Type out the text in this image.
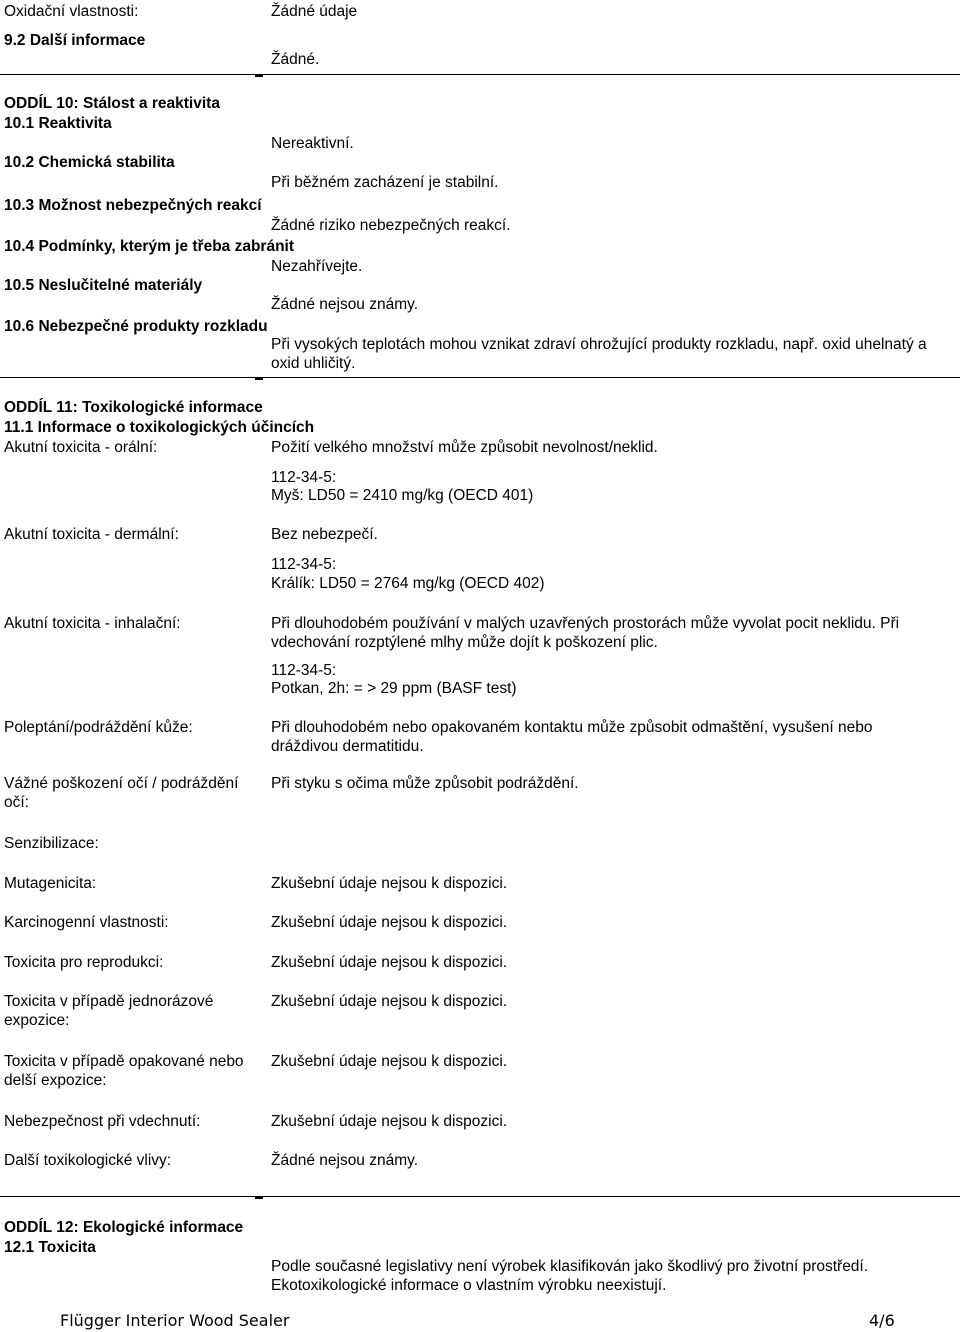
Oxidační vlastnosti:	Žádné údaje
9.2 Další informace
Žádné.
ODDÍL 10: Stálost a reaktivita
10.1 Reaktivita
Nereaktivní.
10.2 Chemická stabilita
Při běžném zacházení je stabilní.
10.3 Možnost nebezpečných reakcí
Žádné riziko nebezpečných reakcí.
10.4 Podmínky, kterým je třeba zabránit
Nezahřívejte.
10.5 Neslučitelné materiály
Žádné nejsou známy.
10.6 Nebezpečné produkty rozkladu
Při vysokých teplotách mohou vznikat zdraví ohrožující produkty rozkladu, např. oxid uhelnatý a oxid uhličitý.
ODDÍL 11: Toxikologické informace
11.1 Informace o toxikologických účincích
Akutní toxicita - orální:	Požití velkého množství může způsobit nevolnost/neklid.
112-34-5:
Myš: LD50 = 2410 mg/kg (OECD 401)
Akutní toxicita - dermální:	Bez nebezpečí.
112-34-5:
Králík: LD50 = 2764 mg/kg (OECD 402)
Akutní toxicita - inhalační:	Při dlouhodobém používání v malých uzavřených prostorách může vyvolat pocit neklidu. Při vdechování rozptýlené mlhy může dojít k poškození plic.
112-34-5:
Potkan, 2h: = > 29 ppm (BASF test)
Poleptání/podráždění kůže:	Při dlouhodobém nebo opakovaném kontaktu může způsobit odmaštění, vysušení nebo dráždivou dermatitidu.
Vážné poškození očí / podráždění očí:
Při styku s očima může způsobit podráždění.
Senzibilizace:
Mutagenicita:	Zkušební údaje nejsou k dispozici.
Karcinogenní vlastnosti:	Zkušební údaje nejsou k dispozici.
Toxicita pro reprodukci:	Zkušební údaje nejsou k dispozici.
Toxicita v případě jednorázové expozice:
Zkušební údaje nejsou k dispozici.
Toxicita v případě opakované nebo delší expozice:
Zkušební údaje nejsou k dispozici.
Nebezpečnost při vdechnutí:	Zkušební údaje nejsou k dispozici.
Další toxikologické vlivy:	Žádné nejsou známy.
ODDÍL 12: Ekologické informace
12.1 Toxicita
Podle současné legislativy není výrobek klasifikován jako škodlivý pro životní prostředí. Ekotoxikologické informace o vlastním výrobku neexistují.
Flügger Interior Wood Sealer	4/6
